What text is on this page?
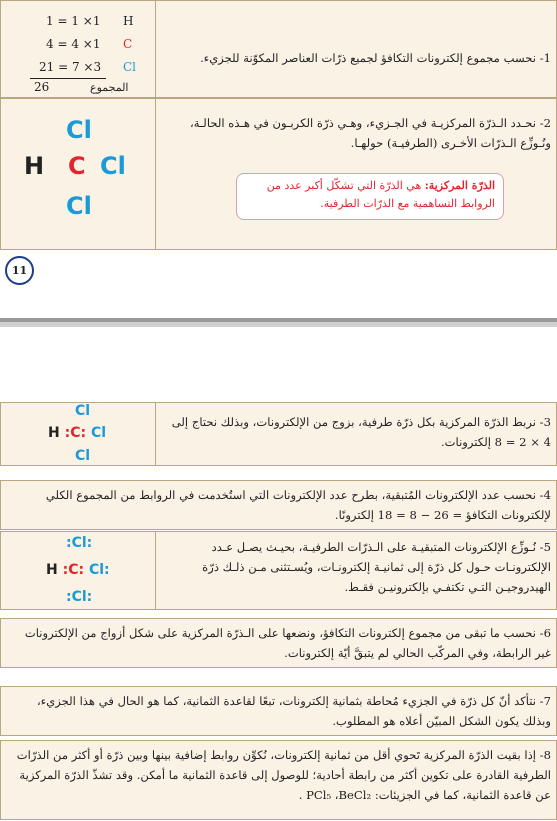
1 = 1 ×1 H
4 = 4 ×1 C
21 = 7 ×3 Cl
26	المجموع
1- نحسب مجموع إلكترونات التكافؤ لجميع ذرّات العناصر المكوّنة للجزيء.
Cl
H C Cl
Cl
2- نحـدد الـذرّة المركزيـة في الجـزيء، وهـي ذرّة الكربـون في هـذه الحالـة، ونُـوزِّع الـذرّات الأخـرى (الطرفيـة) حولهـا.
الذرّة المركزية: هي الذرّة التي تشكّل أكبر عدد من الروابط التساهمية مع الذرّات الطرفية.
11
Cl
H :C: Cl
Cl
3- نربط الذرّة المركزية بكل ذرّة طرفية، بزوج من الإلكترونات، وبذلك نحتاج إلى 4 × 2 = 8 إلكترونات.
4- نحسب عدد الإلكترونات المُتبقية، بطرح عدد الإلكترونات التي استُخدمت في الروابط من المجموع الكلي لإلكترونات التكافؤ = 26 − 8 = 18 إلكترونًا.
:Cl:
H :C: Cl:
:Cl:
5- نُـوزِّع الإلكترونات المتبقيـة على الـذرّات الطرفيـة، بحيـث يصـل عـدد الإلكترونـات حـول كل ذرّة إلى ثمانيـة إلكترونـات، ويُسـتثنى مـن ذلـك ذرّة الهيدروجيـن التـي تكتفـي بإلكترونيـن فقـط.
6- نحسب ما تبقى من مجموع إلكترونات التكافؤ، ونضعها على الـذرّة المركزية على شكل أزواج من الإلكترونات غير الرابطة، وفي المركّب الحالي لم يتبقَّ أيّة إلكترونات.
7- نتأكد أنّ كل ذرّة في الجزيء مُحاطة بثمانية إلكترونات، تبعًا لقاعدة الثمانية، كما هو الحال في هذا الجزيء، وبذلك يكون الشكل المبيّن أعلاه هو المطلوب.
8- إذا بقيت الذرّة المركزية تَحوي أقل من ثمانية إلكترونات، نُكوِّن روابط إضافية بينها وبين ذرّة أو أكثر من الذرّات الطرفية القادرة على تكوين أكثر من رابطة أحادية؛ للوصول إلى قاعدة الثمانية ما أمكن. وقد تشذّ الذرّة المركزية عن قاعدة الثمانية، كما في الجزيئات: PCl₅ ،BeCl₂ .
